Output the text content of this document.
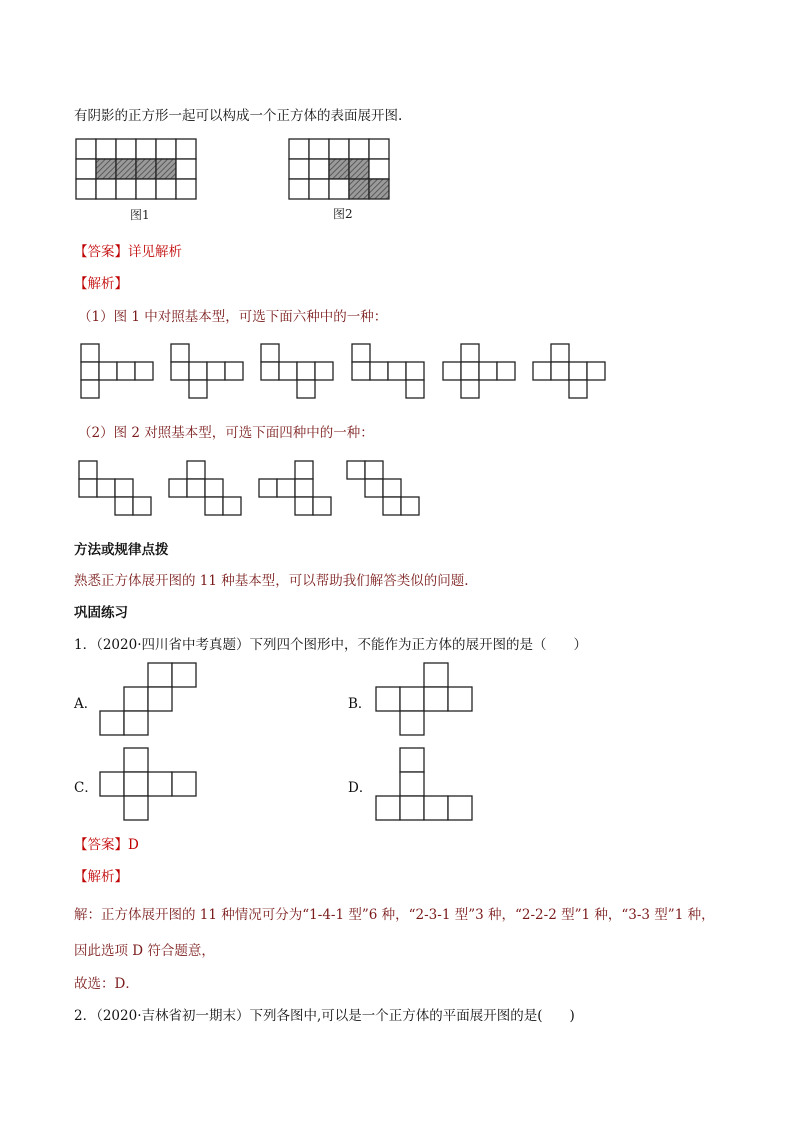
有阴影的正方形一起可以构成一个正方体的表面展开图.
图1	图2
【答案】详见解析
【解析】
（1）图 1 中对照基本型，可选下面六种中的一种：
（2）图 2 对照基本型，可选下面四种中的一种：
方法或规律点拨
熟悉正方体展开图的 11 种基本型，可以帮助我们解答类似的问题.
巩固练习
1．（2020·四川省中考真题）下列四个图形中，不能作为正方体的展开图的是（　　）
A．	B．
C．	D．
【答案】D
【解析】
解：正方体展开图的 11 种情况可分为“1-4-1 型”6 种，“2-3-1 型”3 种，“2-2-2 型”1 种，“3-3 型”1 种，
因此选项 D 符合题意，
故选：D．
2．（2020·吉林省初一期末）下列各图中,可以是一个正方体的平面展开图的是(　　)
